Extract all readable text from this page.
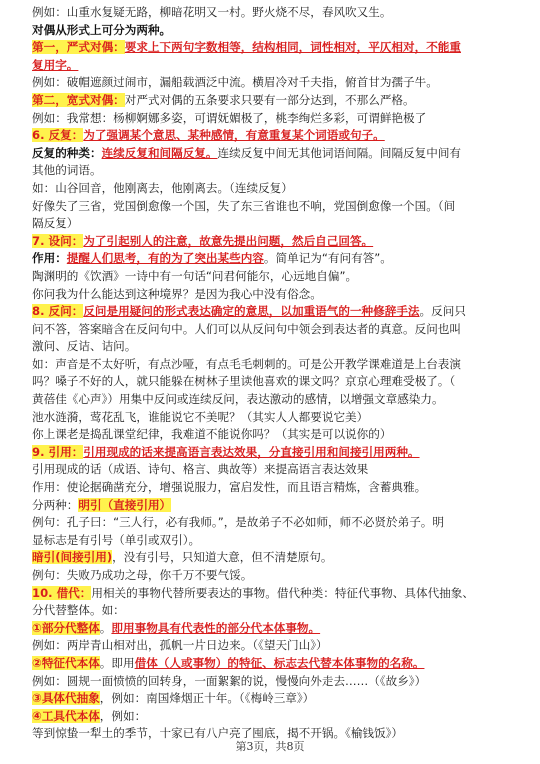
例如：山重水复疑无路，柳暗花明又一村。野火烧不尽，春风吹又生。
对偶从形式上可分为两种。
第一，严式对偶：要求上下两句字数相等，结构相同，词性相对，平仄相对，不能重
复用字。
例如：破帽遮颜过闹市，漏船载酒泛中流。横眉冷对千夫指，俯首甘为孺子牛。
第二，宽式对偶：对严式对偶的五条要求只要有一部分达到，不那么严格。
例如：我常想：杨柳婀娜多姿，可谓妩媚极了，桃李绚烂多彩，可谓鲜艳极了
6. 反复：为了强调某个意思、某种感情，有意重复某个词语或句子。
反复的种类：连续反复和间隔反复。连续反复中间无其他词语间隔。间隔反复中间有
其他的词语。
如：山谷回音，他刚离去，他刚离去。（连续反复）
好像失了三省，党国倒愈像一个国，失了东三省谁也不响，党国倒愈像一个国。（间
隔反复）
7. 设问：为了引起别人的注意，故意先提出问题，然后自己回答。
作用：提醒人们思考，有的为了突出某些内容。简单记为“有问有答”。
陶渊明的《饮酒》一诗中有一句话“问君何能尔，心远地自偏”。
你问我为什么能达到这种境界？是因为我心中没有俗念。
8. 反问：反问是用疑问的形式表达确定的意思，以加重语气的一种修辞手法。反问只
问不答，答案暗含在反问句中。人们可以从反问句中领会到表达者的真意。反问也叫
激问、反诘、诘问。
如：声音是不太好听，有点沙哑，有点毛毛刺刺的。可是公开教学课难道是上台表演
吗？嗓子不好的人，就只能躲在树林子里读他喜欢的课文吗？京京心理难受极了。（
黄蓓佳《心声》）用集中反问或连续反问，表达激动的感情，以增强文章感染力。
池水涟漪，莺花乱飞，谁能说它不美呢？（其实人人都要说它美）
你上课老是捣乱课堂纪律，我难道不能说你吗？（其实是可以说你的）
9. 引用：引用现成的话来提高语言表达效果，分直接引用和间接引用两种。
引用现成的话（成语、诗句、格言、典故等）来提高语言表达效果
作用：使论据确凿充分，增强说服力，富启发性，而且语言精炼，含蓄典雅。
分两种：明引（直接引用）
例句：孔子曰：“三人行，必有我师。”，是故弟子不必如师，师不必贤於弟子。明
显标志是有引号（单引或双引）。
暗引(间接引用)，没有引号，只知道大意，但不清楚原句。
例句：失败乃成功之母，你千万不要气馁。
10. 借代：用相关的事物代替所要表达的事物。借代种类：特征代事物、具体代抽象、
分代替整体。如：
①部分代整体。即用事物具有代表性的部分代本体事物。
例如：两岸青山相对出，孤帆一片日边来。（《望天门山》）
②特征代本体。即用借体（人或事物）的特征、标志去代替本体事物的名称。
例如：圆规一面愤愤的回转身，一面絮絮的说，慢慢向外走去……（《故乡》）
③具体代抽象，例如：南国烽烟正十年。（《梅岭三章》）
④工具代本体，例如：
等到惊蛰一犁土的季节，十家已有八户亮了囤底，揭不开锅。《榆钱饭》）
第3页，共8页
